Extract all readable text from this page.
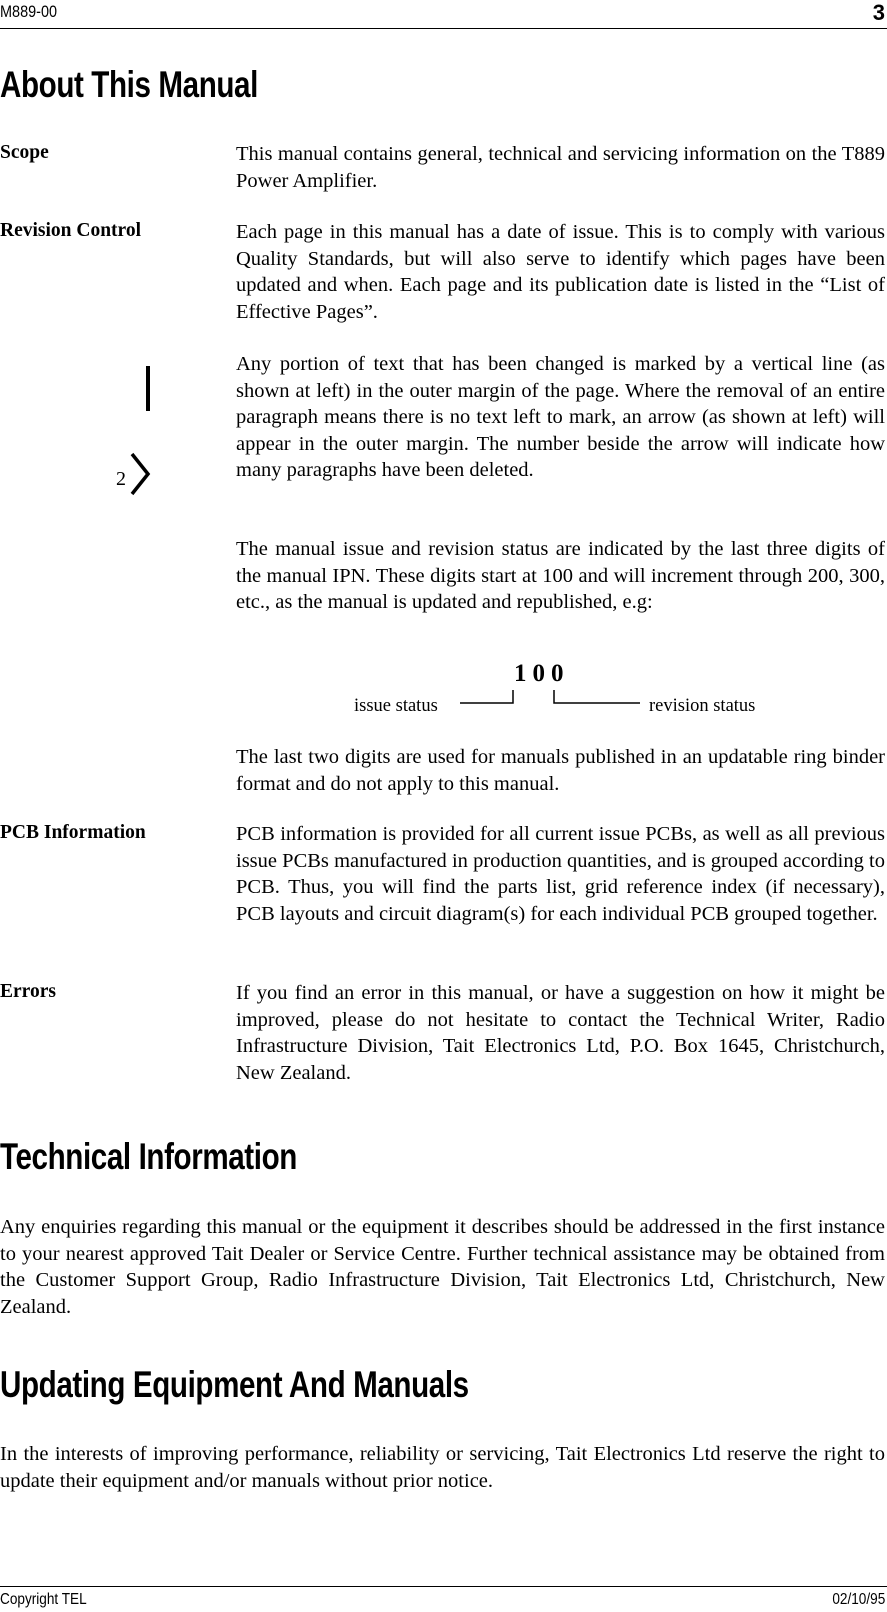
M889-00	3
About This Manual
Scope	This manual contains general, technical and servicing information on the T889 Power Amplifier.
Revision Control	Each page in this manual has a date of issue. This is to comply with various Quality Standards, but will also serve to identify which pages have been updated and when. Each page and its publication date is listed in the “List of Effective Pages”.
2
Any portion of text that has been changed is marked by a vertical line (as shown at left) in the outer margin of the page. Where the removal of an entire paragraph means there is no text left to mark, an arrow (as shown at left) will appear in the outer margin. The number beside the arrow will indicate how many paragraphs have been deleted.
The manual issue and revision status are indicated by the last three digits of the manual IPN. These digits start at 100 and will increment through 200, 300, etc., as the manual is updated and republished, e.g:
100
issue status	revision status
The last two digits are used for manuals published in an updatable ring binder format and do not apply to this manual.
PCB Information	PCB information is provided for all current issue PCBs, as well as all previous issue PCBs manufactured in production quantities, and is grouped according to PCB. Thus, you will find the parts list, grid reference index (if necessary), PCB layouts and circuit diagram(s) for each individual PCB grouped together.
Errors	If you find an error in this manual, or have a suggestion on how it might be improved, please do not hesitate to contact the Technical Writer, Radio Infrastructure Division, Tait Electronics Ltd, P.O. Box 1645, Christchurch, New Zealand.
Technical Information
Any enquiries regarding this manual or the equipment it describes should be addressed in the first instance to your nearest approved Tait Dealer or Service Centre. Further technical assistance may be obtained from the Customer Support Group, Radio Infrastructure Division, Tait Electronics Ltd, Christchurch, New Zealand.
Updating Equipment And Manuals
In the interests of improving performance, reliability or servicing, Tait Electronics Ltd reserve the right to update their equipment and/or manuals without prior notice.
Copyright TEL	02/10/95
